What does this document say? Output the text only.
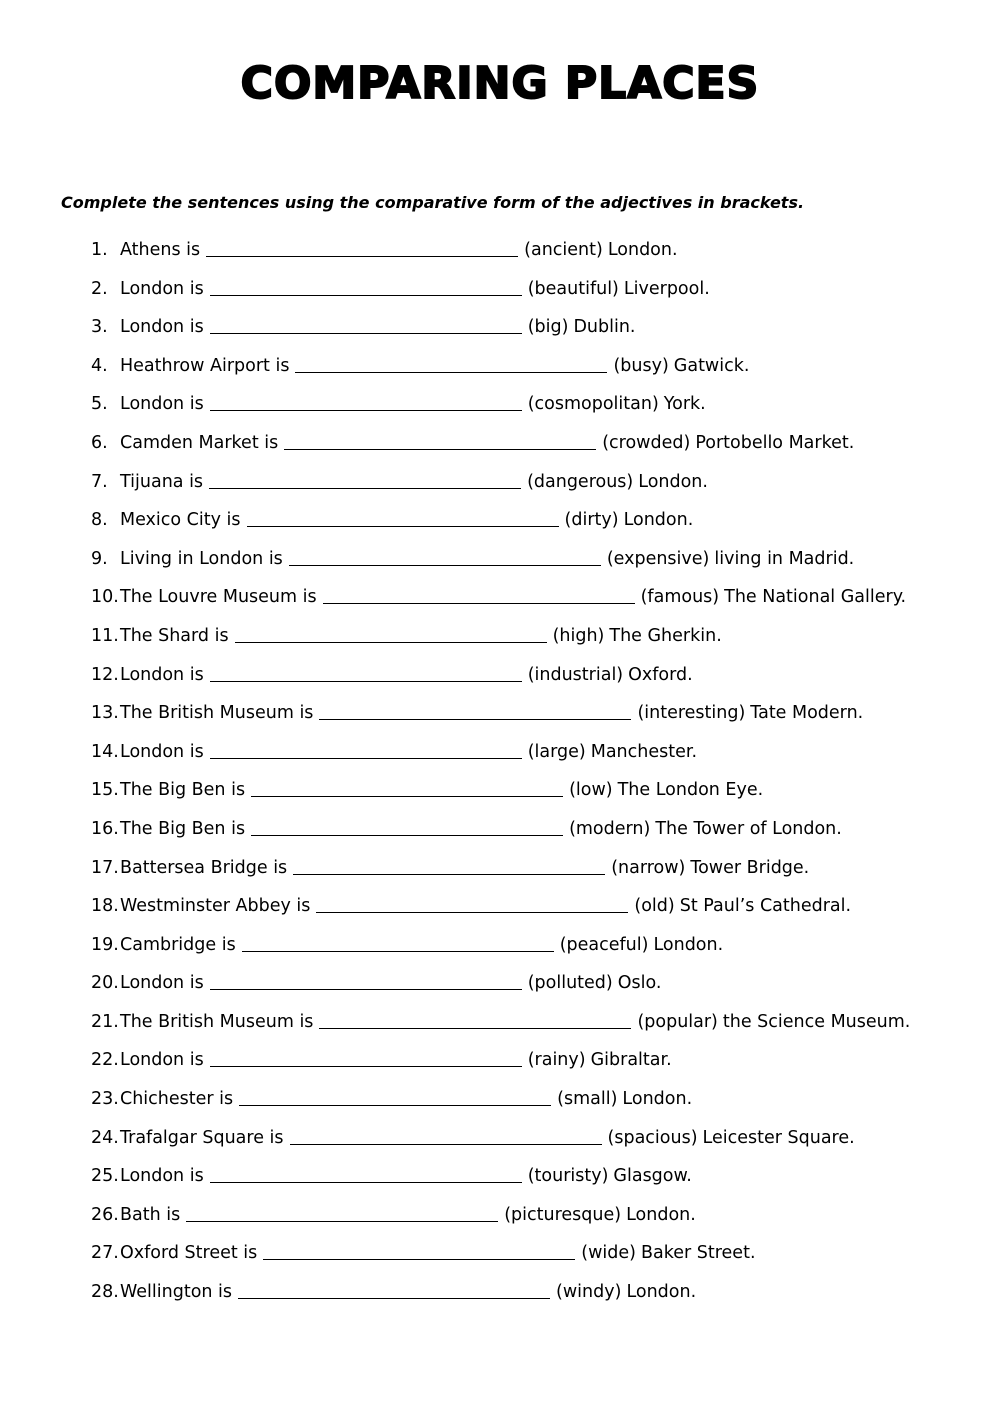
COMPARING PLACES

Complete the sentences using the comparative form of the adjectives in brackets.

1. Athens is	(ancient) London.
2. London is	(beautiful) Liverpool.
3. London is	(big) Dublin.
4. Heathrow Airport is	(busy) Gatwick.
5. London is	(cosmopolitan) York.
6. Camden Market is	(crowded) Portobello Market.
7. Tijuana is	(dangerous) London.
8. Mexico City is	(dirty) London.
9. Living in London is	(expensive) living in Madrid.
10. The Louvre Museum is	(famous) The National Gallery.
11. The Shard is	(high) The Gherkin.
12. London is	(industrial) Oxford.
13. The British Museum is	(interesting) Tate Modern.
14. London is	(large) Manchester.
15. The Big Ben is	(low) The London Eye.
16. The Big Ben is	(modern) The Tower of London.
17. Battersea Bridge is	(narrow) Tower Bridge.
18. Westminster Abbey is	(old) St Paul’s Cathedral.
19. Cambridge is	(peaceful) London.
20. London is	(polluted) Oslo.
21. The British Museum is	(popular) the Science Museum.
22. London is	(rainy) Gibraltar.
23. Chichester is	(small) London.
24. Trafalgar Square is	(spacious) Leicester Square.
25. London is	(touristy) Glasgow.
26. Bath is	(picturesque) London.
27. Oxford Street is	(wide) Baker Street.
28. Wellington is	(windy) London.
